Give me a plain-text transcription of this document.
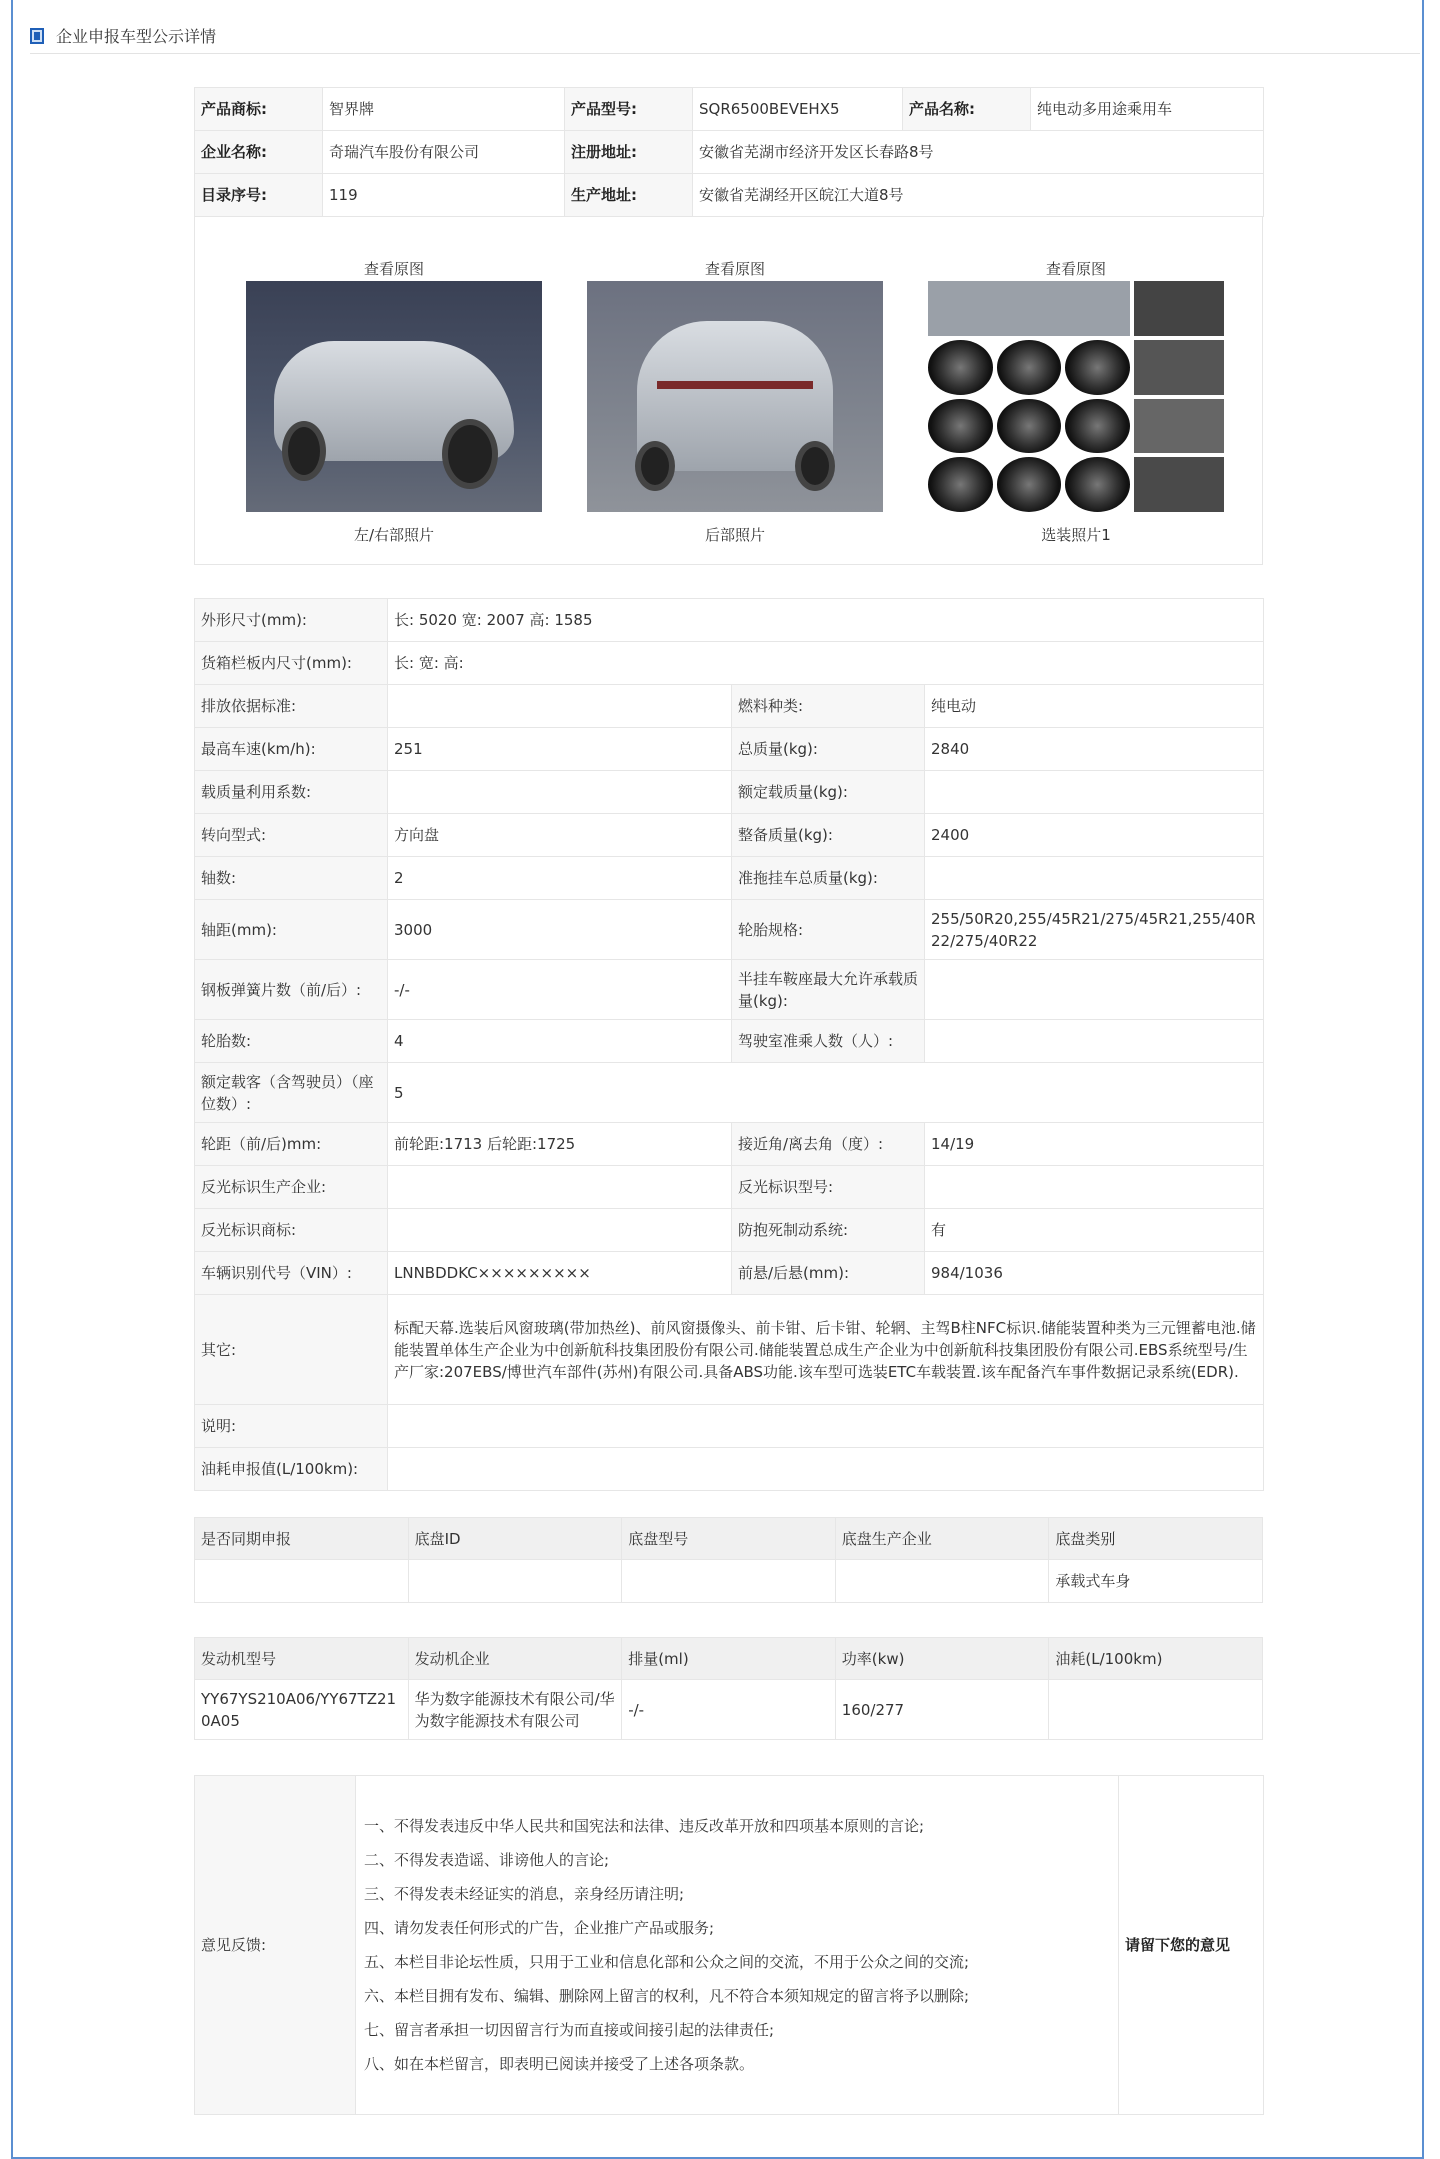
企业申报车型公示详情
产品商标:	智界牌	产品型号:	SQR6500BEVEHX5	产品名称:	纯电动多用途乘用车
企业名称:	奇瑞汽车股份有限公司	注册地址:	安徽省芜湖市经济开发区长春路8号		
目录序号:	119	生产地址:	安徽省芜湖经开区皖江大道8号		
查看原图
左/右部照片
查看原图
后部照片
查看原图
选装照片1
外形尺寸(mm):	长: 5020 宽: 2007 高: 1585		
货箱栏板内尺寸(mm):	长: 宽: 高:		
排放依据标准:		燃料种类:	纯电动
最高车速(km/h):	251	总质量(kg):	2840
载质量利用系数:		额定载质量(kg):	
转向型式:	方向盘	整备质量(kg):	2400
轴数:	2	准拖挂车总质量(kg):	
轴距(mm):	3000	轮胎规格:	255/50R20,255/45R21/275/45R21,255/40R22/275/40R22
钢板弹簧片数（前/后）:	-/-	半挂车鞍座最大允许承载质量(kg):	
轮胎数:	4	驾驶室准乘人数（人）:	
额定载客（含驾驶员）（座位数）:	5		
轮距（前/后)mm:	前轮距:1713 后轮距:1725	接近角/离去角（度）:	14/19
反光标识生产企业:		反光标识型号:	
反光标识商标:		防抱死制动系统:	有
车辆识别代号（VIN）:	LNNBDDKC×××××××××	前悬/后悬(mm):	984/1036
其它:	标配天幕.选装后风窗玻璃(带加热丝)、前风窗摄像头、前卡钳、后卡钳、轮辋、主驾B柱NFC标识.储能装置种类为三元锂蓄电池.储能装置单体生产企业为中创新航科技集团股份有限公司.储能装置总成生产企业为中创新航科技集团股份有限公司.EBS系统型号/生产厂家:207EBS/博世汽车部件(苏州)有限公司.具备ABS功能.该车型可选装ETC车载装置.该车配备汽车事件数据记录系统(EDR).		
说明:			
油耗申报值(L/100km):			
是否同期申报	底盘ID	底盘型号	底盘生产企业	底盘类别
				承载式车身
发动机型号	发动机企业	排量(ml)	功率(kw)	油耗(L/100km)
YY67YS210A06/YY67TZ210A05	华为数字能源技术有限公司/华为数字能源技术有限公司	-/-	160/277	
意见反馈:	
一、不得发表违反中华人民共和国宪法和法律、违反改革开放和四项基本原则的言论;
二、不得发表造谣、诽谤他人的言论;
三、不得发表未经证实的消息，亲身经历请注明;
四、请勿发表任何形式的广告，企业推广产品或服务;
五、本栏目非论坛性质，只用于工业和信息化部和公众之间的交流，不用于公众之间的交流;
六、本栏目拥有发布、编辑、删除网上留言的权利，凡不符合本须知规定的留言将予以删除;
七、留言者承担一切因留言行为而直接或间接引起的法律责任;
八、如在本栏留言，即表明已阅读并接受了上述各项条款。
	请留下您的意见
